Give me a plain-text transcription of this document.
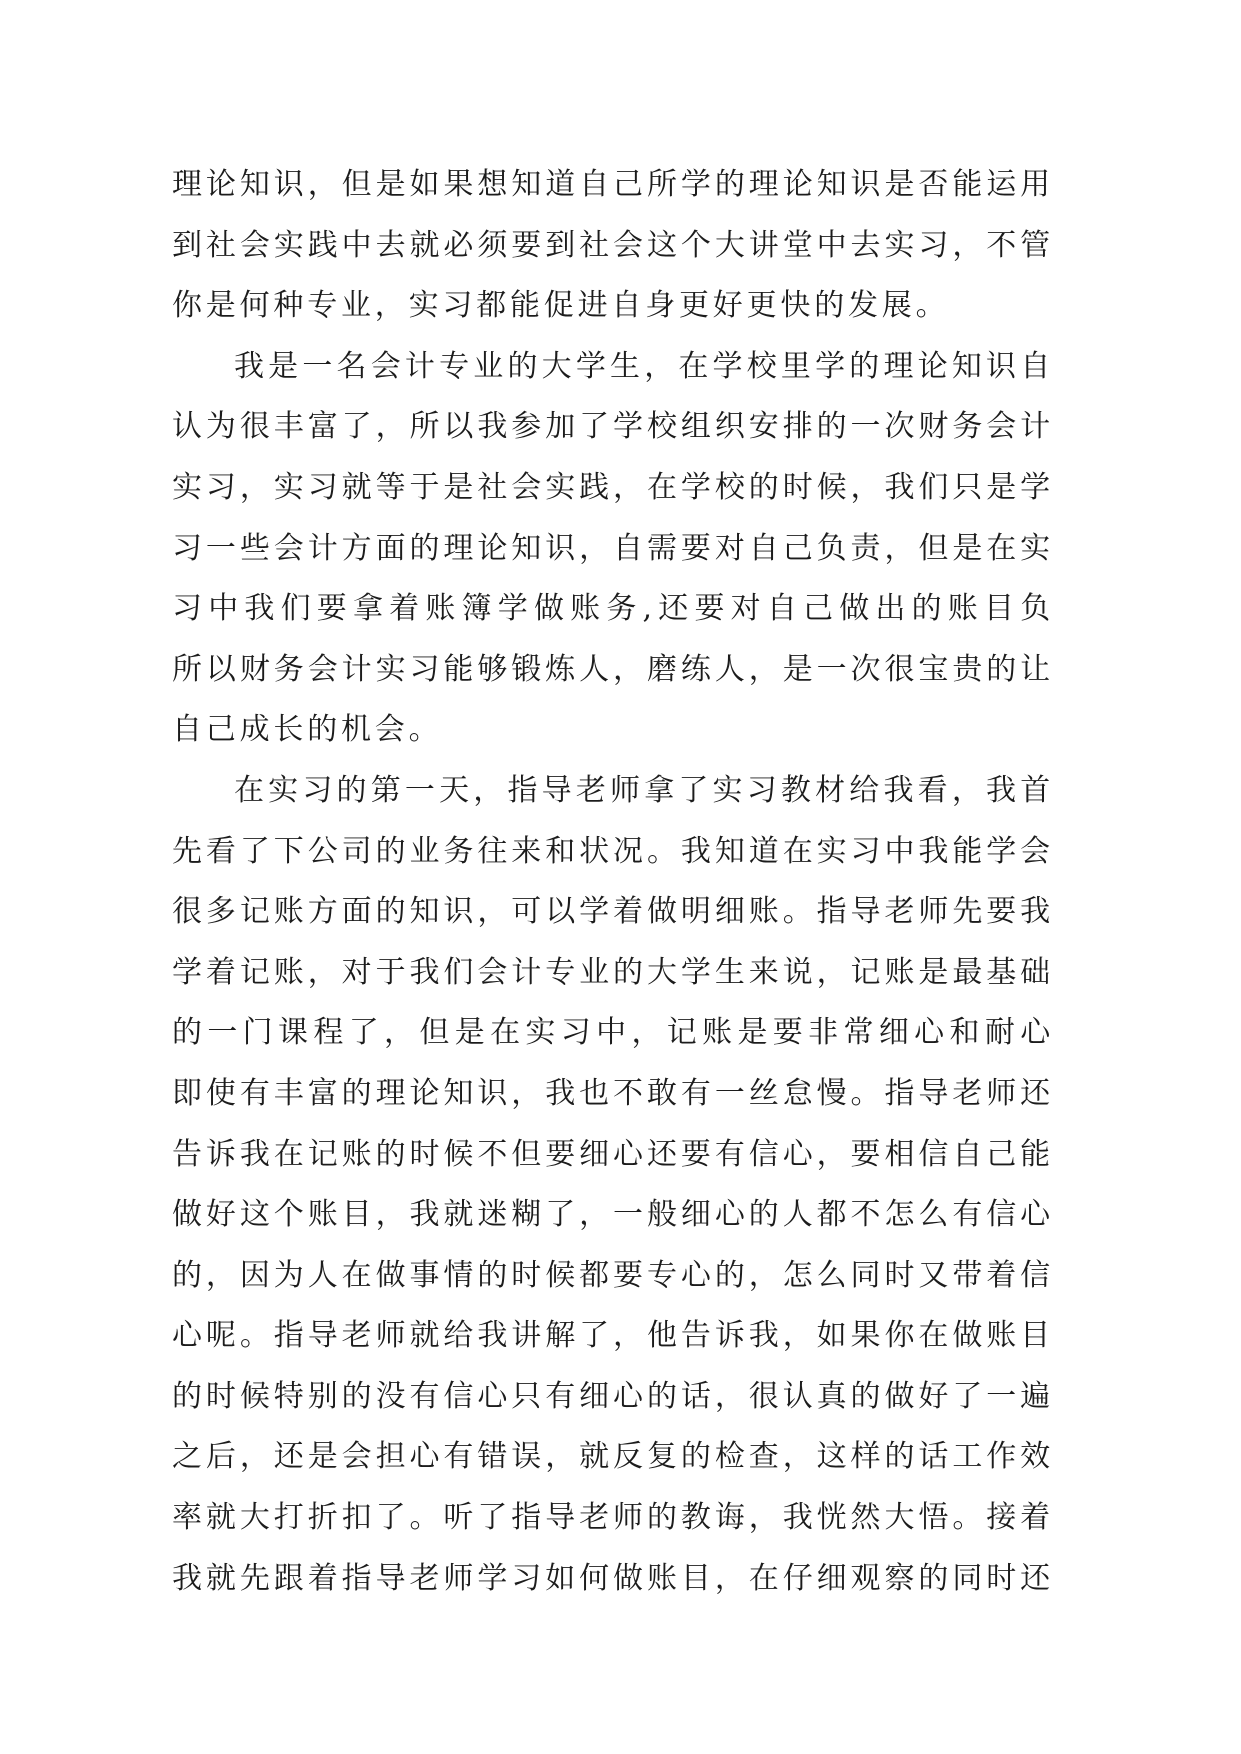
理论知识，但是如果想知道自己所学的理论知识是否能运用
到社会实践中去就必须要到社会这个大讲堂中去实习，不管
你是何种专业，实习都能促进自身更好更快的发展。
我是一名会计专业的大学生，在学校里学的理论知识自
认为很丰富了，所以我参加了学校组织安排的一次财务会计
实习，实习就等于是社会实践，在学校的时候，我们只是学
习一些会计方面的理论知识，自需要对自己负责，但是在实
习中我们要拿着账簿学做账务,还要对自己做出的账目负
所以财务会计实习能够锻炼人，磨练人，是一次很宝贵的让
自己成长的机会。
在实习的第一天，指导老师拿了实习教材给我看，我首
先看了下公司的业务往来和状况。我知道在实习中我能学会
很多记账方面的知识，可以学着做明细账。指导老师先要我
学着记账，对于我们会计专业的大学生来说，记账是最基础
的一门课程了，但是在实习中，记账是要非常细心和耐心
即使有丰富的理论知识，我也不敢有一丝怠慢。指导老师还
告诉我在记账的时候不但要细心还要有信心，要相信自己能
做好这个账目，我就迷糊了，一般细心的人都不怎么有信心
的，因为人在做事情的时候都要专心的，怎么同时又带着信
心呢。指导老师就给我讲解了，他告诉我，如果你在做账目
的时候特别的没有信心只有细心的话，很认真的做好了一遍
之后，还是会担心有错误，就反复的检查，这样的话工作效
率就大打折扣了。听了指导老师的教诲，我恍然大悟。接着
我就先跟着指导老师学习如何做账目，在仔细观察的同时还
